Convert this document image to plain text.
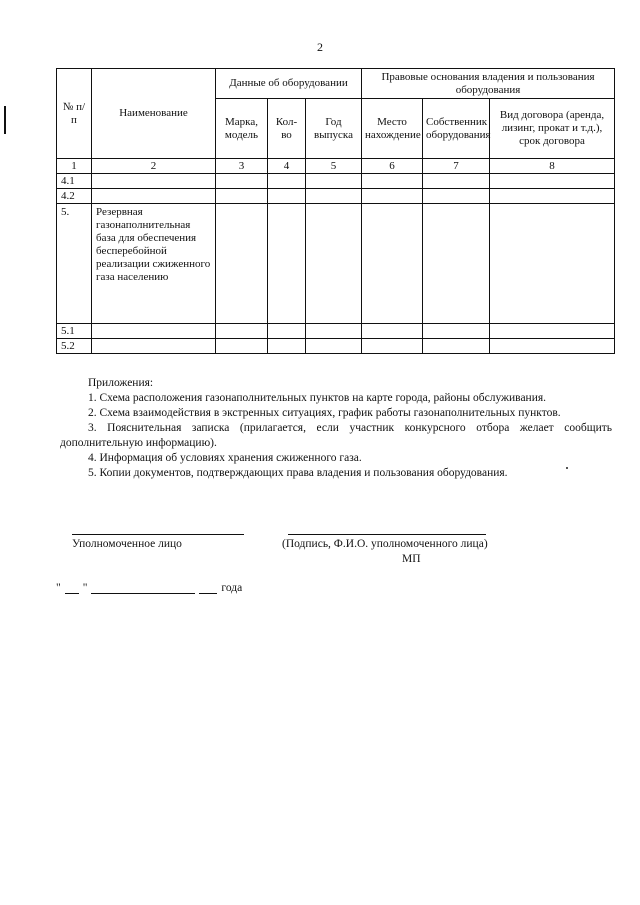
2
№ п/п	Наименование	Данные об оборудовании			Правовые основания владения и пользования оборудования		
		Марка, модель	Кол-во	Год выпуска	Место нахождение	Собственник оборудования	Вид договора (аренда, лизинг, прокат и т.д.), срок договора
1	2	3	4	5	6	7	8
4.1							
4.2							
5.	Резервная газонаполнительная база для обеспечения бесперебойной реализации сжиженного газа населению						
5.1							
5.2							

Приложения:

1. Схема расположения газонаполнительных пунктов на карте города, районы обслуживания.

2. Схема взаимодействия в экстренных ситуациях, график работы газонаполнительных пунктов.

3. Пояснительная записка (прилагается, если участник конкурсного отбора желает сообщить дополнительную информацию).

4. Информация об условиях хранения сжиженного газа.

5. Копии документов, подтверждающих права владения и пользования оборудования.

Уполномоченное лицо	(Подпись, Ф.И.О. уполномоченного лица)
МП
" "	года
